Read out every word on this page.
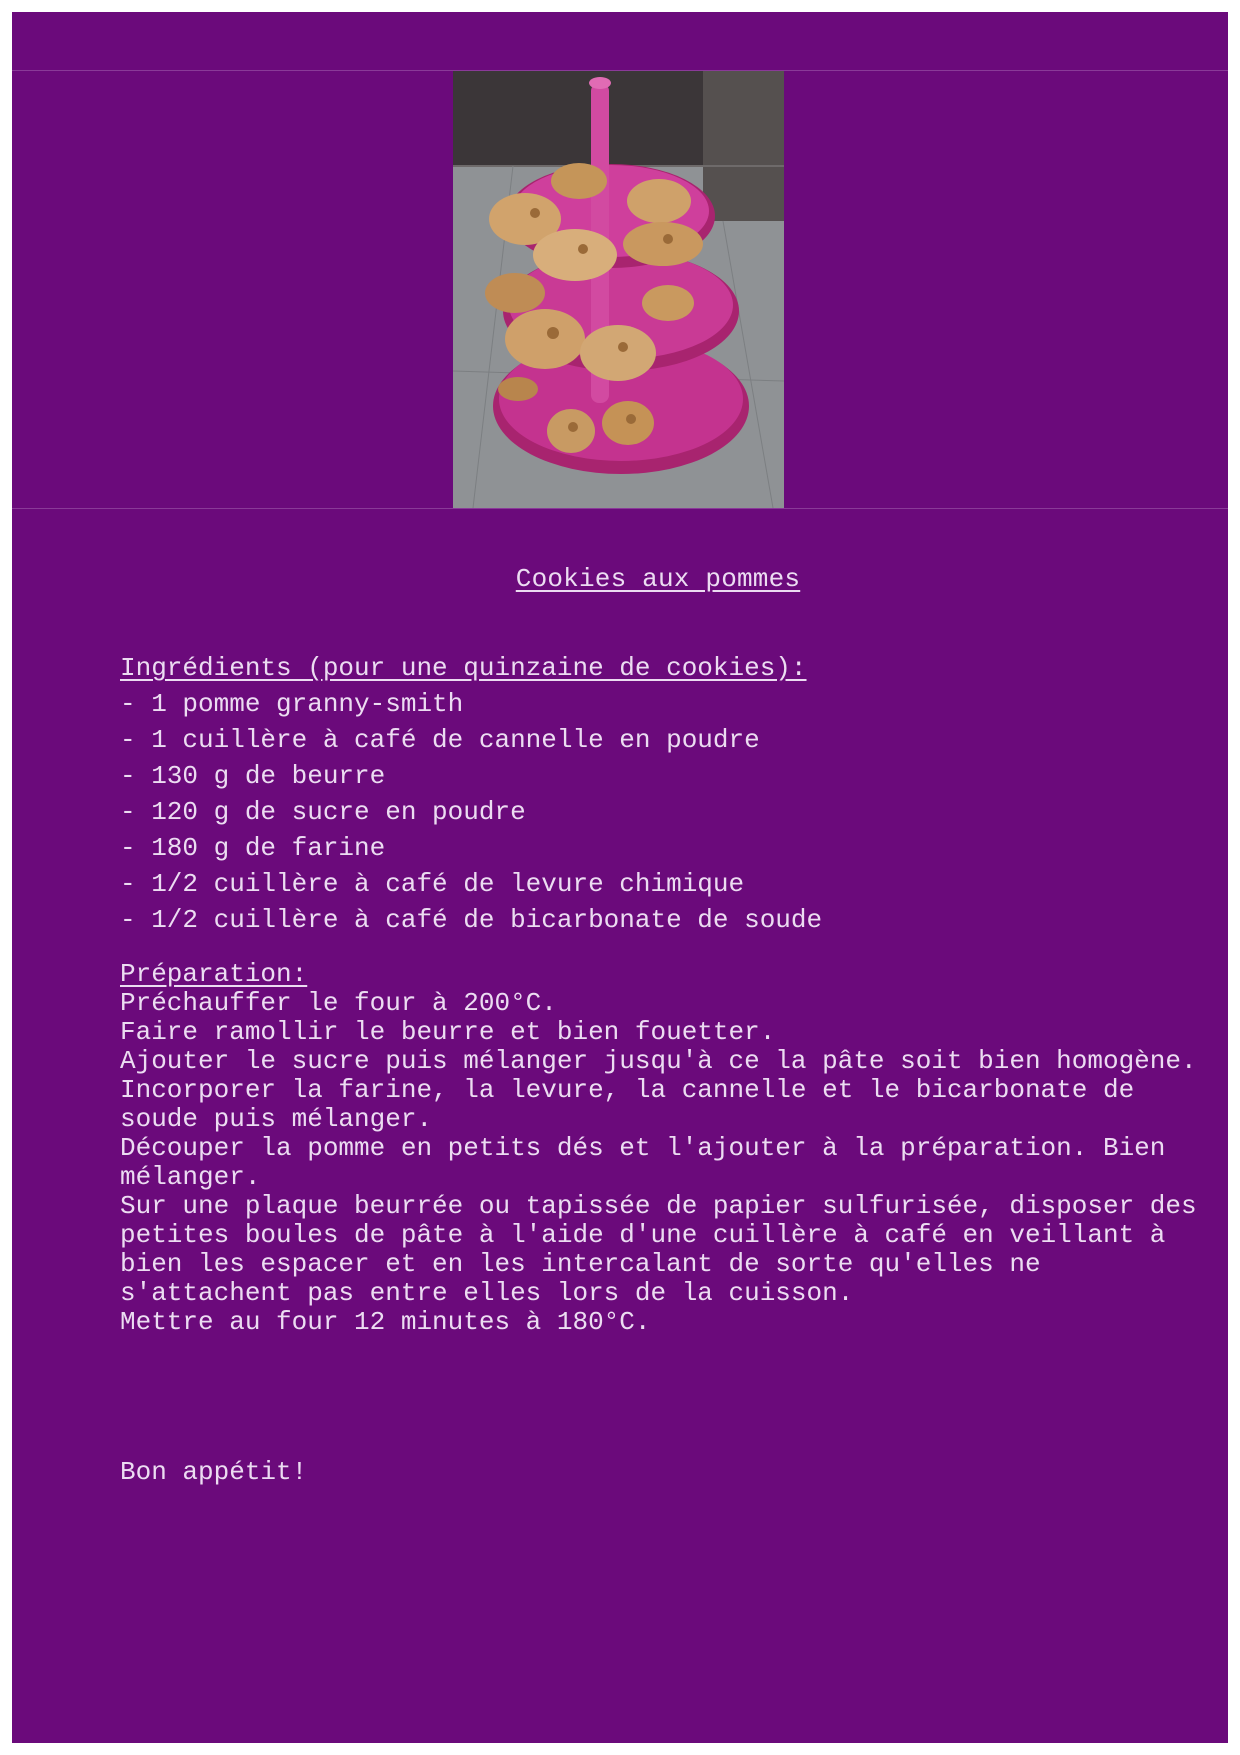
Cookies aux pommes
Ingrédients (pour une quinzaine de cookies):
- 1 pomme granny-smith
- 1 cuillère à café de cannelle en poudre
- 130 g de beurre
- 120 g de sucre en poudre
- 180 g de farine
- 1/2 cuillère à café de levure chimique
- 1/2 cuillère à café de bicarbonate de soude
Préparation:

Préchauffer le four à 200°C.

Faire ramollir le beurre et bien fouetter.

Ajouter le sucre puis mélanger jusqu'à ce la pâte soit bien homogène.

Incorporer la farine, la levure, la cannelle et le bicarbonate de soude puis mélanger.

Découper la pomme en petits dés et l'ajouter à la préparation. Bien mélanger.

Sur une plaque beurrée ou tapissée de papier sulfurisée, disposer des petites boules de pâte à l'aide d'une cuillère à café en veillant à bien les espacer et en les intercalant de sorte qu'elles ne s'attachent pas entre elles lors de la cuisson.

Mettre au four 12 minutes à 180°C.

Bon appétit!
